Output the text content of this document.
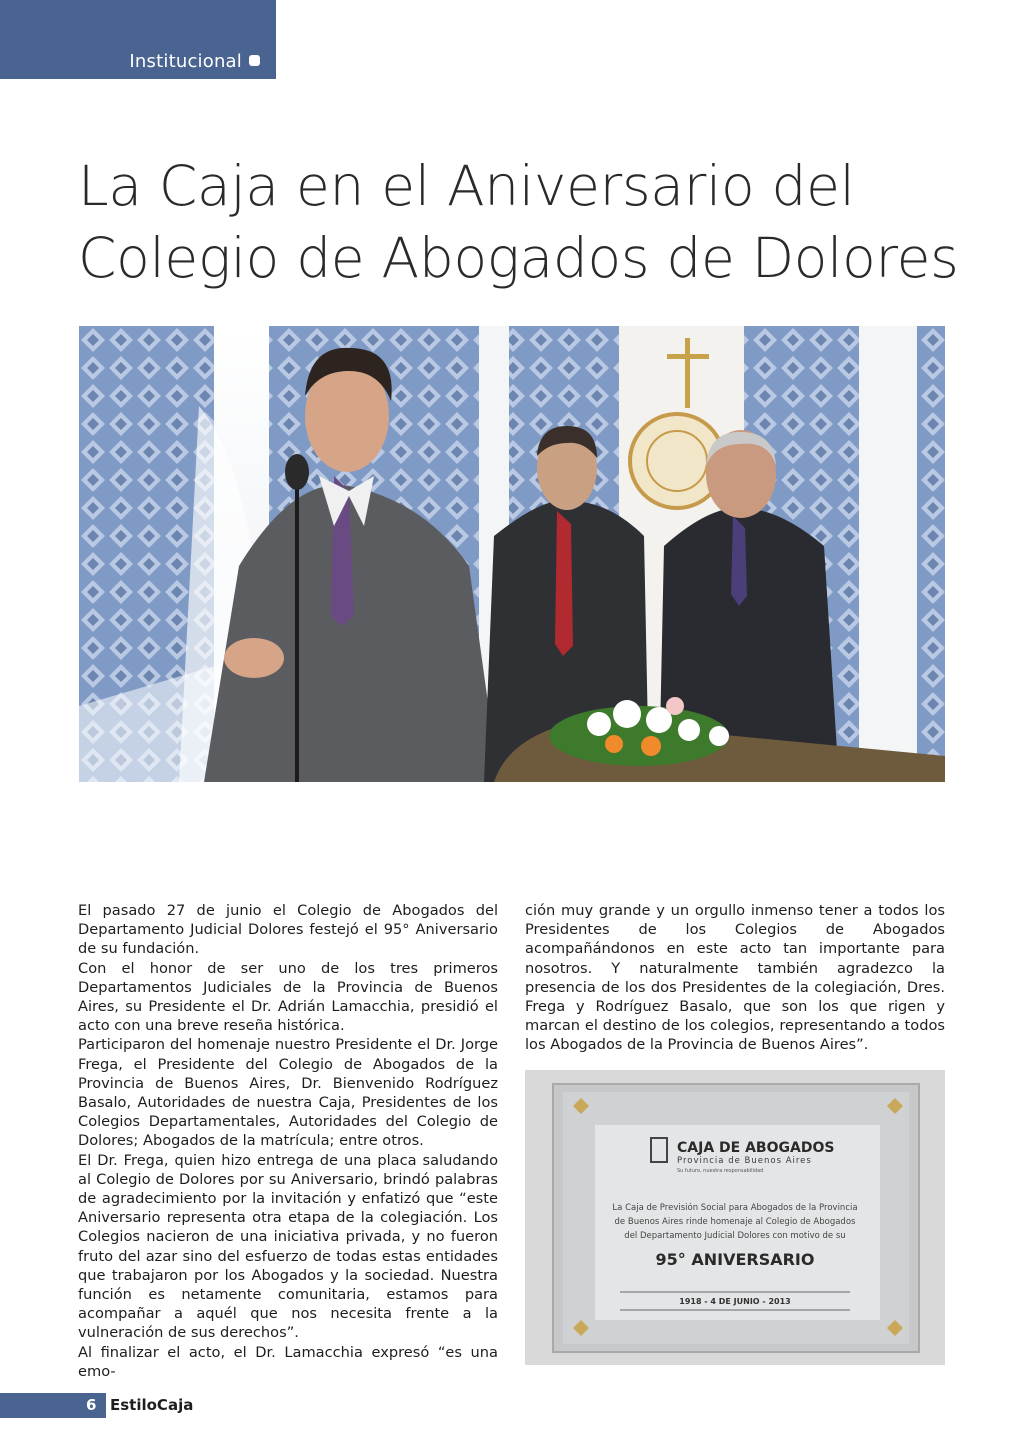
Institucional
La Caja en el Aniversario del
Colegio de Abogados de Dolores

El pasado 27 de junio el Colegio de Abogados del Departamento Judicial Dolores festejó el 95° Aniversario de su fundación.

Con el honor de ser uno de los tres primeros Departamentos Judiciales de la Provincia de Buenos Aires, su Presidente el Dr. Adrián Lamacchia, presidió el acto con una breve reseña histórica.

Participaron del homenaje nuestro Presidente el Dr. Jorge Frega, el Presidente del Colegio de Abogados de la Provincia de Buenos Aires, Dr. Bienvenido Rodríguez Basalo, Autoridades de nuestra Caja, Presidentes de los Colegios Departamentales, Autoridades del Colegio de Dolores; Abogados de la matrícula; entre otros.

El Dr. Frega, quien hizo entrega de una placa saludando al Colegio de Dolores por su Aniversario, brindó palabras de agradecimiento por la invitación y enfatizó que “este Aniversario representa otra etapa de la colegiación. Los Colegios nacieron de una iniciativa privada, y no fueron fruto del azar sino del esfuerzo de todas estas entidades que trabajaron por los Abogados y la sociedad. Nuestra función es netamente comunitaria, estamos para acompañar a aquél que nos necesita frente a la vulneración de sus derechos”.

Al finalizar el acto, el Dr. Lamacchia expresó “es una emo-

ción muy grande y un orgullo inmenso tener a todos los Presidentes de los Colegios de Abogados acompañándonos en este acto tan importante para nosotros. Y naturalmente también agradezco la presencia de los dos Presidentes de la colegiación, Dres. Frega y Rodríguez Basalo, que son los que rigen y marcan el destino de los colegios, representando a todos los Abogados de la Provincia de Buenos Aires”.

CAJA DE ABOGADOS
Provincia de Buenos Aires
Su futuro, nuestra responsabilidad
La Caja de Previsión Social para Abogados de la Provincia
de Buenos Aires rinde homenaje al Colegio de Abogados
del Departamento Judicial Dolores con motivo de su
95° ANIVERSARIO
1918 - 4 DE JUNIO - 2013
6 EstiloCaja
